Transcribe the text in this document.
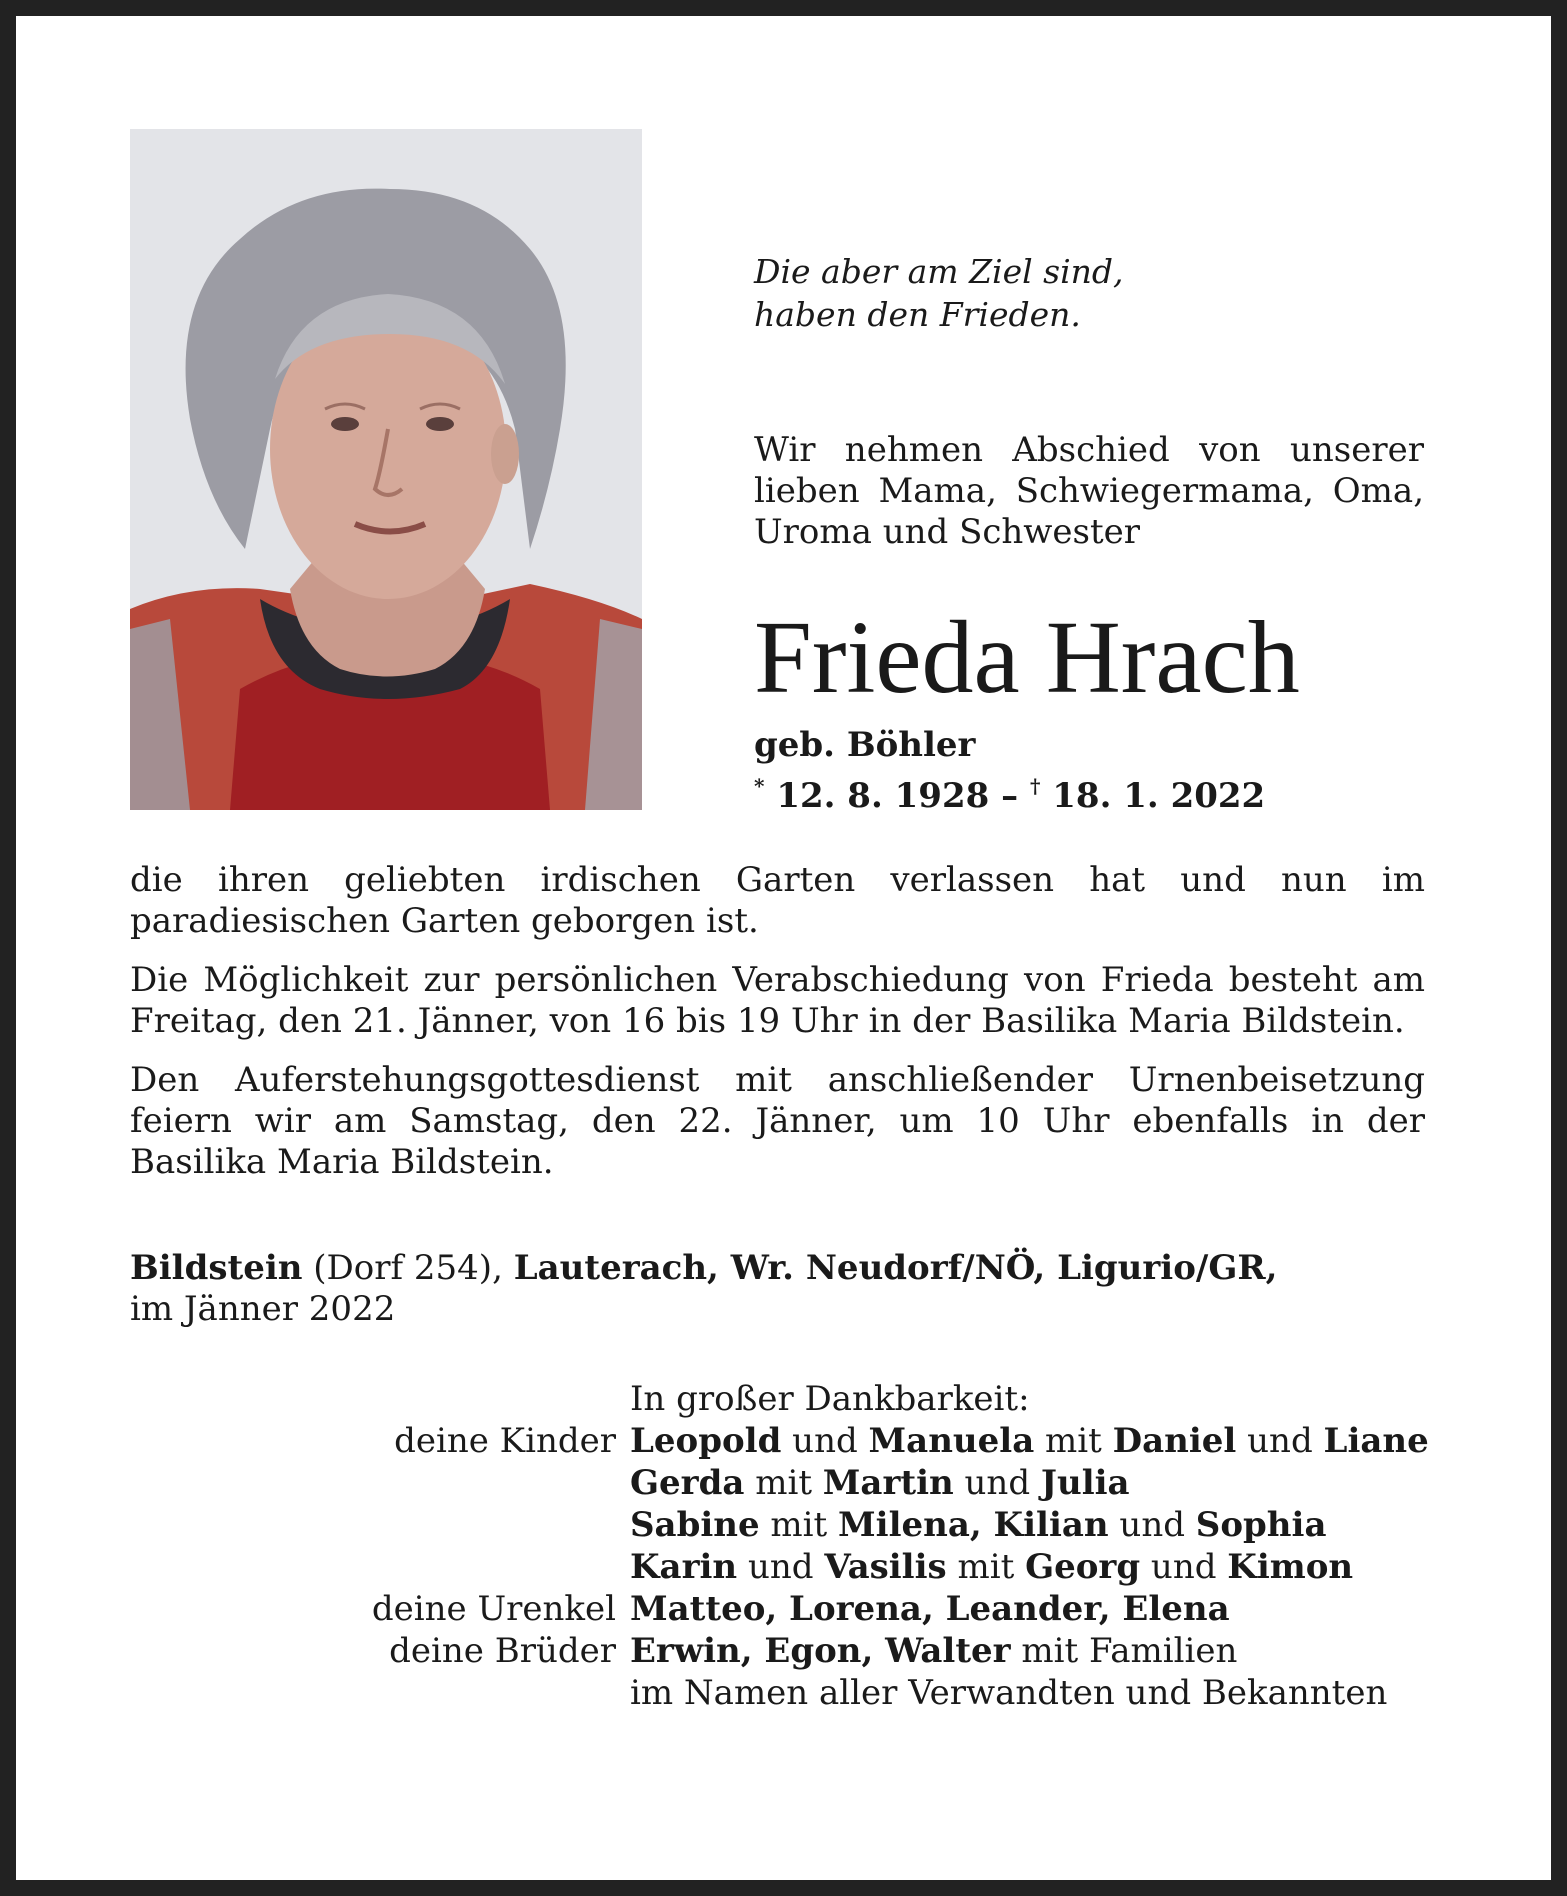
Die aber am Ziel sind,
haben den Frieden.
Wir nehmen Abschied von unserer lieben Mama, Schwiegermama, Oma, Uroma und Schwester
Frieda Hrach
geb. Böhler
* 12. 8. 1928 – † 18. 1. 2022

die ihren geliebten irdischen Garten verlassen hat und nun im paradiesischen Garten geborgen ist.

Die Möglichkeit zur persönlichen Verabschiedung von Frieda besteht am Freitag, den 21. Jänner, von 16 bis 19 Uhr in der Basilika Maria Bildstein.

Den Auferstehungsgottesdienst mit anschließender Urnenbeisetzung feiern wir am Samstag, den 22. Jänner, um 10 Uhr ebenfalls in der Basilika Maria Bildstein.

Bildstein (Dorf 254), Lauterach, Wr. Neudorf/NÖ, Ligurio/GR,
im Jänner 2022
In großer Dankbarkeit:
deine Kinder Leopold und Manuela mit Daniel und Liane
Gerda mit Martin und Julia
Sabine mit Milena, Kilian und Sophia
Karin und Vasilis mit Georg und Kimon
deine Urenkel Matteo, Lorena, Leander, Elena
deine Brüder Erwin, Egon, Walter mit Familien
im Namen aller Verwandten und Bekannten
